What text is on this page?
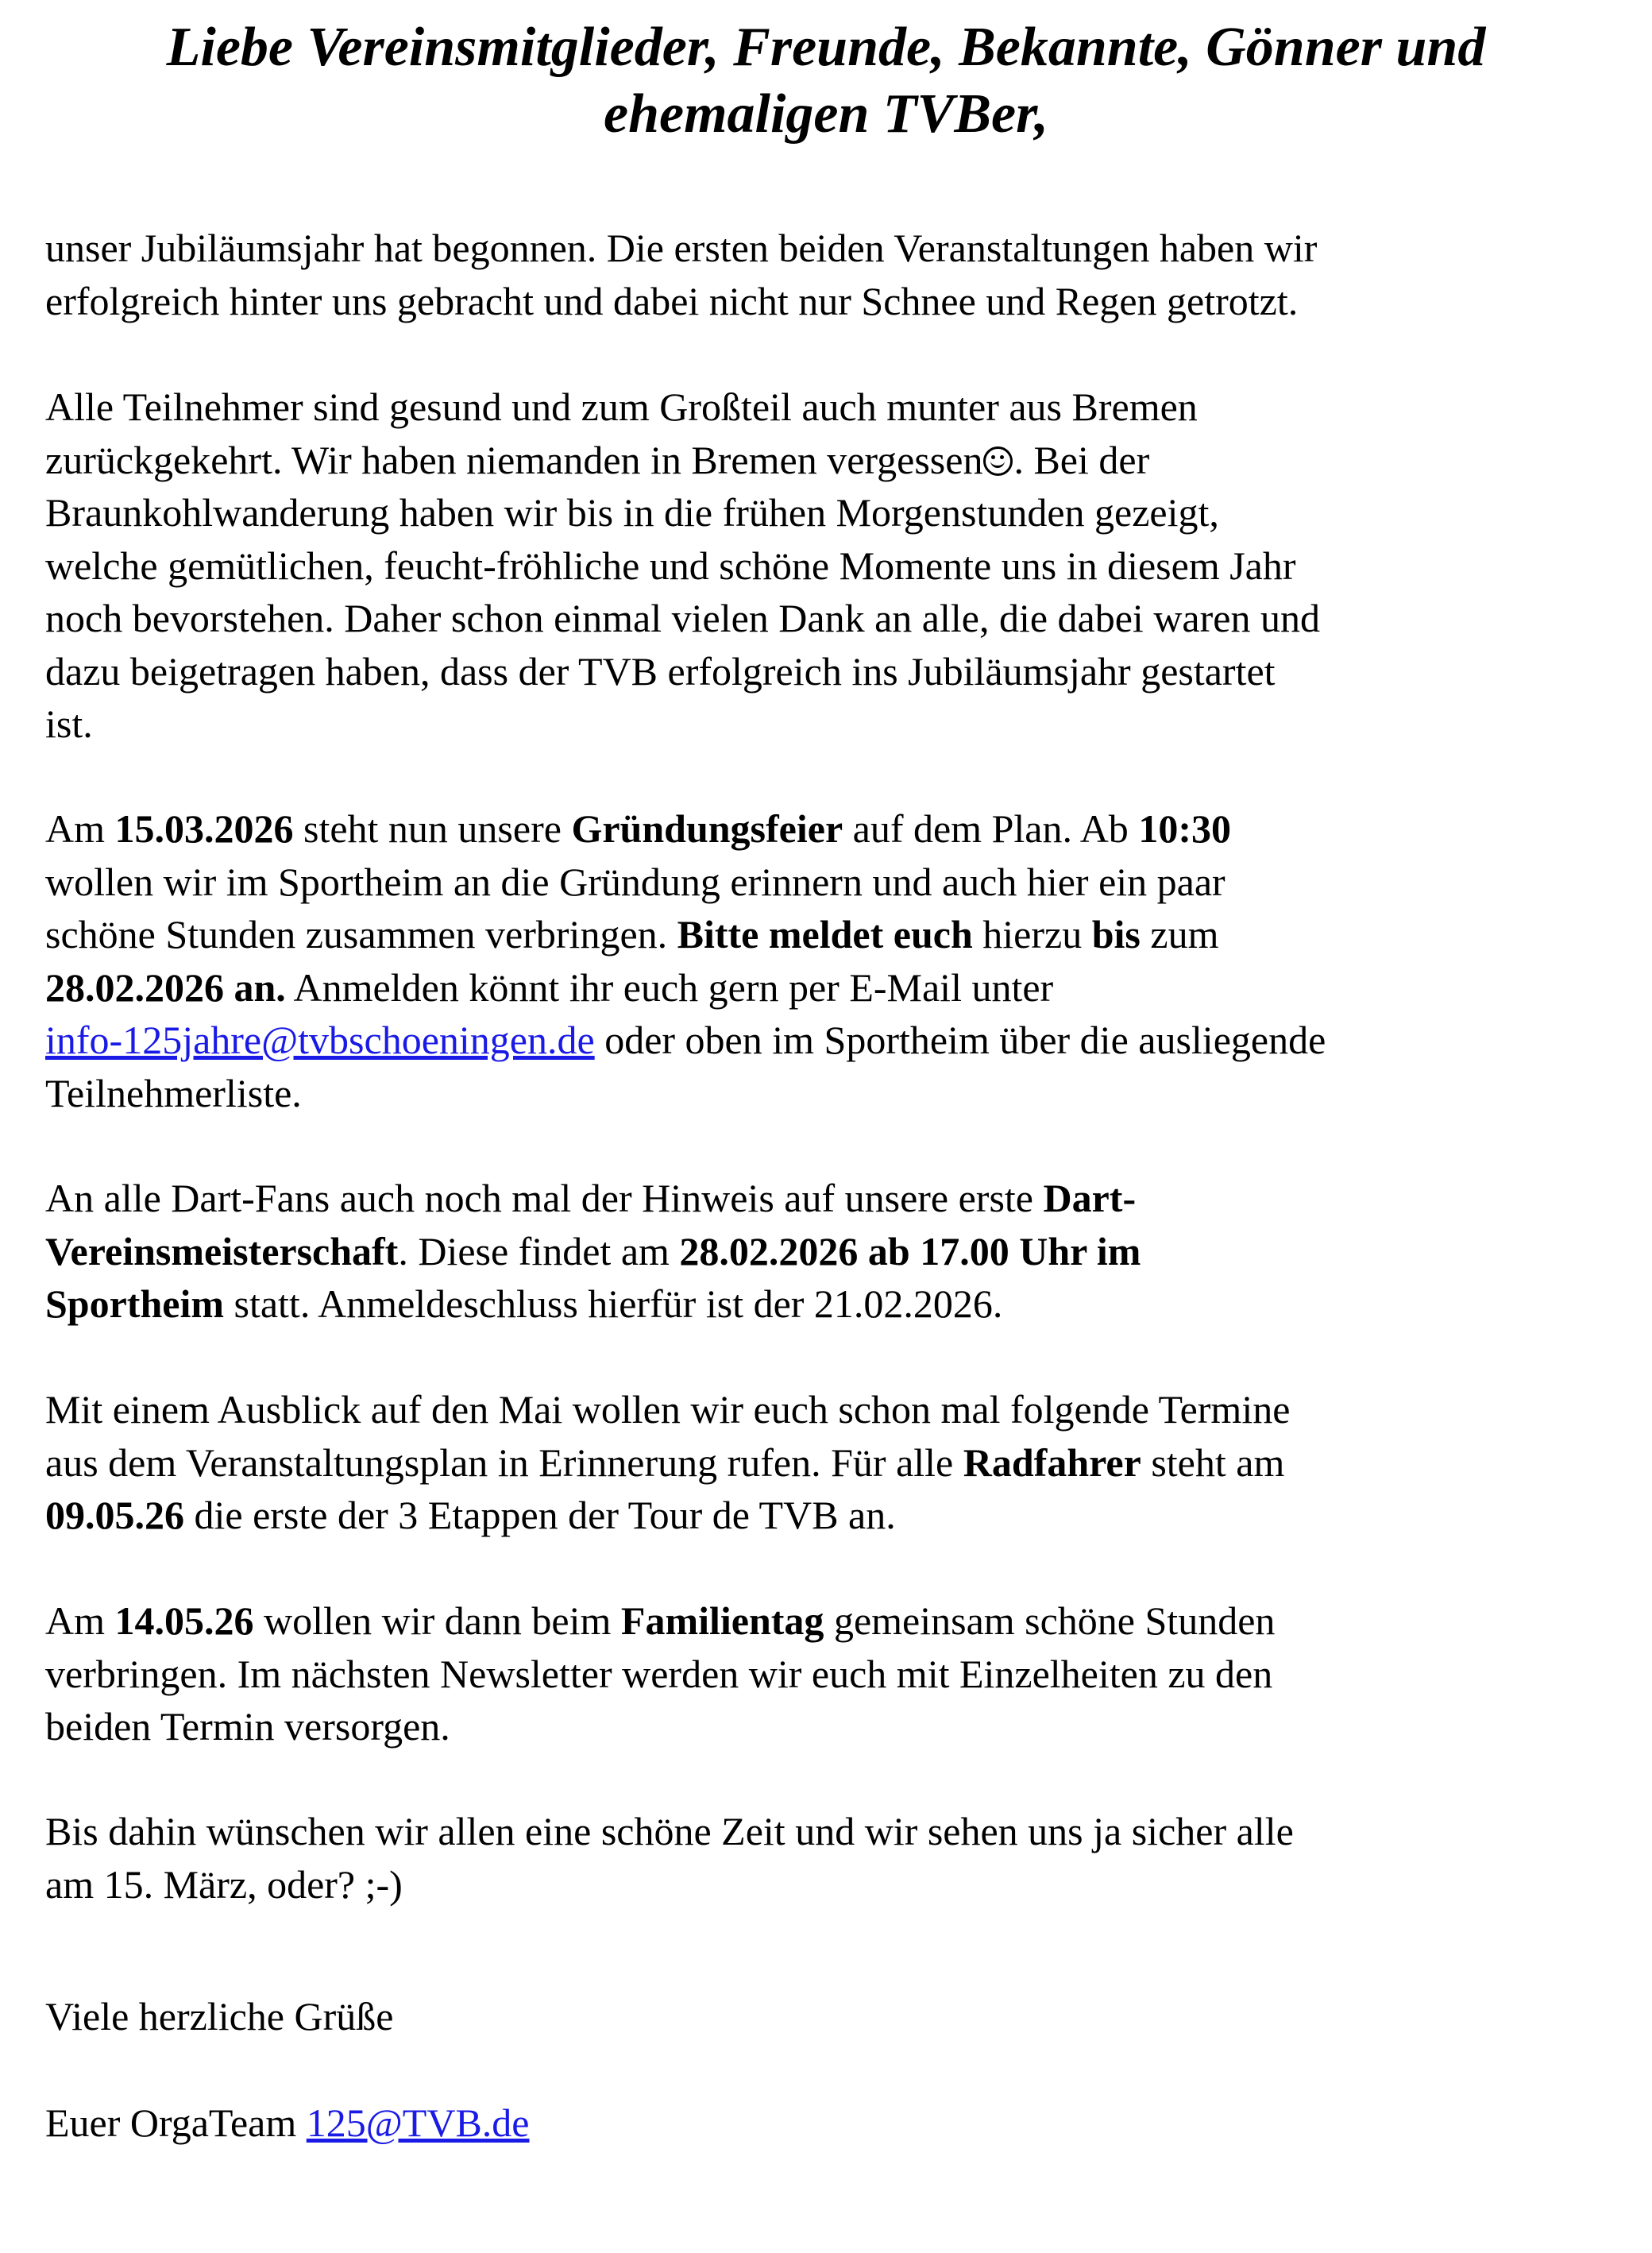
Liebe Vereinsmitglieder, Freunde, Bekannte, Gönner und
ehemaligen TVBer,

unser Jubiläumsjahr hat begonnen. Die ersten beiden Veranstaltungen haben wir
erfolgreich hinter uns gebracht und dabei nicht nur Schnee und Regen getrotzt.

Alle Teilnehmer sind gesund und zum Großteil auch munter aus Bremen
zurückgekehrt. Wir haben niemanden in Bremen vergessen . Bei der
Braunkohlwanderung haben wir bis in die frühen Morgenstunden gezeigt,
welche gemütlichen, feucht-fröhliche und schöne Momente uns in diesem Jahr
noch bevorstehen. Daher schon einmal vielen Dank an alle, die dabei waren und
dazu beigetragen haben, dass der TVB erfolgreich ins Jubiläumsjahr gestartet
ist.

Am 15.03.2026 steht nun unsere Gründungsfeier auf dem Plan. Ab 10:30
wollen wir im Sportheim an die Gründung erinnern und auch hier ein paar
schöne Stunden zusammen verbringen. Bitte meldet euch hierzu bis zum
28.02.2026 an. Anmelden könnt ihr euch gern per E-Mail unter
info-125jahre@tvbschoeningen.de oder oben im Sportheim über die ausliegende
Teilnehmerliste.

An alle Dart-Fans auch noch mal der Hinweis auf unsere erste Dart-
Vereinsmeisterschaft. Diese findet am 28.02.2026 ab 17.00 Uhr im
Sportheim statt. Anmeldeschluss hierfür ist der 21.02.2026.

Mit einem Ausblick auf den Mai wollen wir euch schon mal folgende Termine
aus dem Veranstaltungsplan in Erinnerung rufen. Für alle Radfahrer steht am
09.05.26 die erste der 3 Etappen der Tour de TVB an.

Am 14.05.26 wollen wir dann beim Familientag gemeinsam schöne Stunden
verbringen. Im nächsten Newsletter werden wir euch mit Einzelheiten zu den
beiden Termin versorgen.

Bis dahin wünschen wir allen eine schöne Zeit und wir sehen uns ja sicher alle
am 15. März, oder? ;-)

Viele herzliche Grüße

Euer OrgaTeam 125@TVB.de
